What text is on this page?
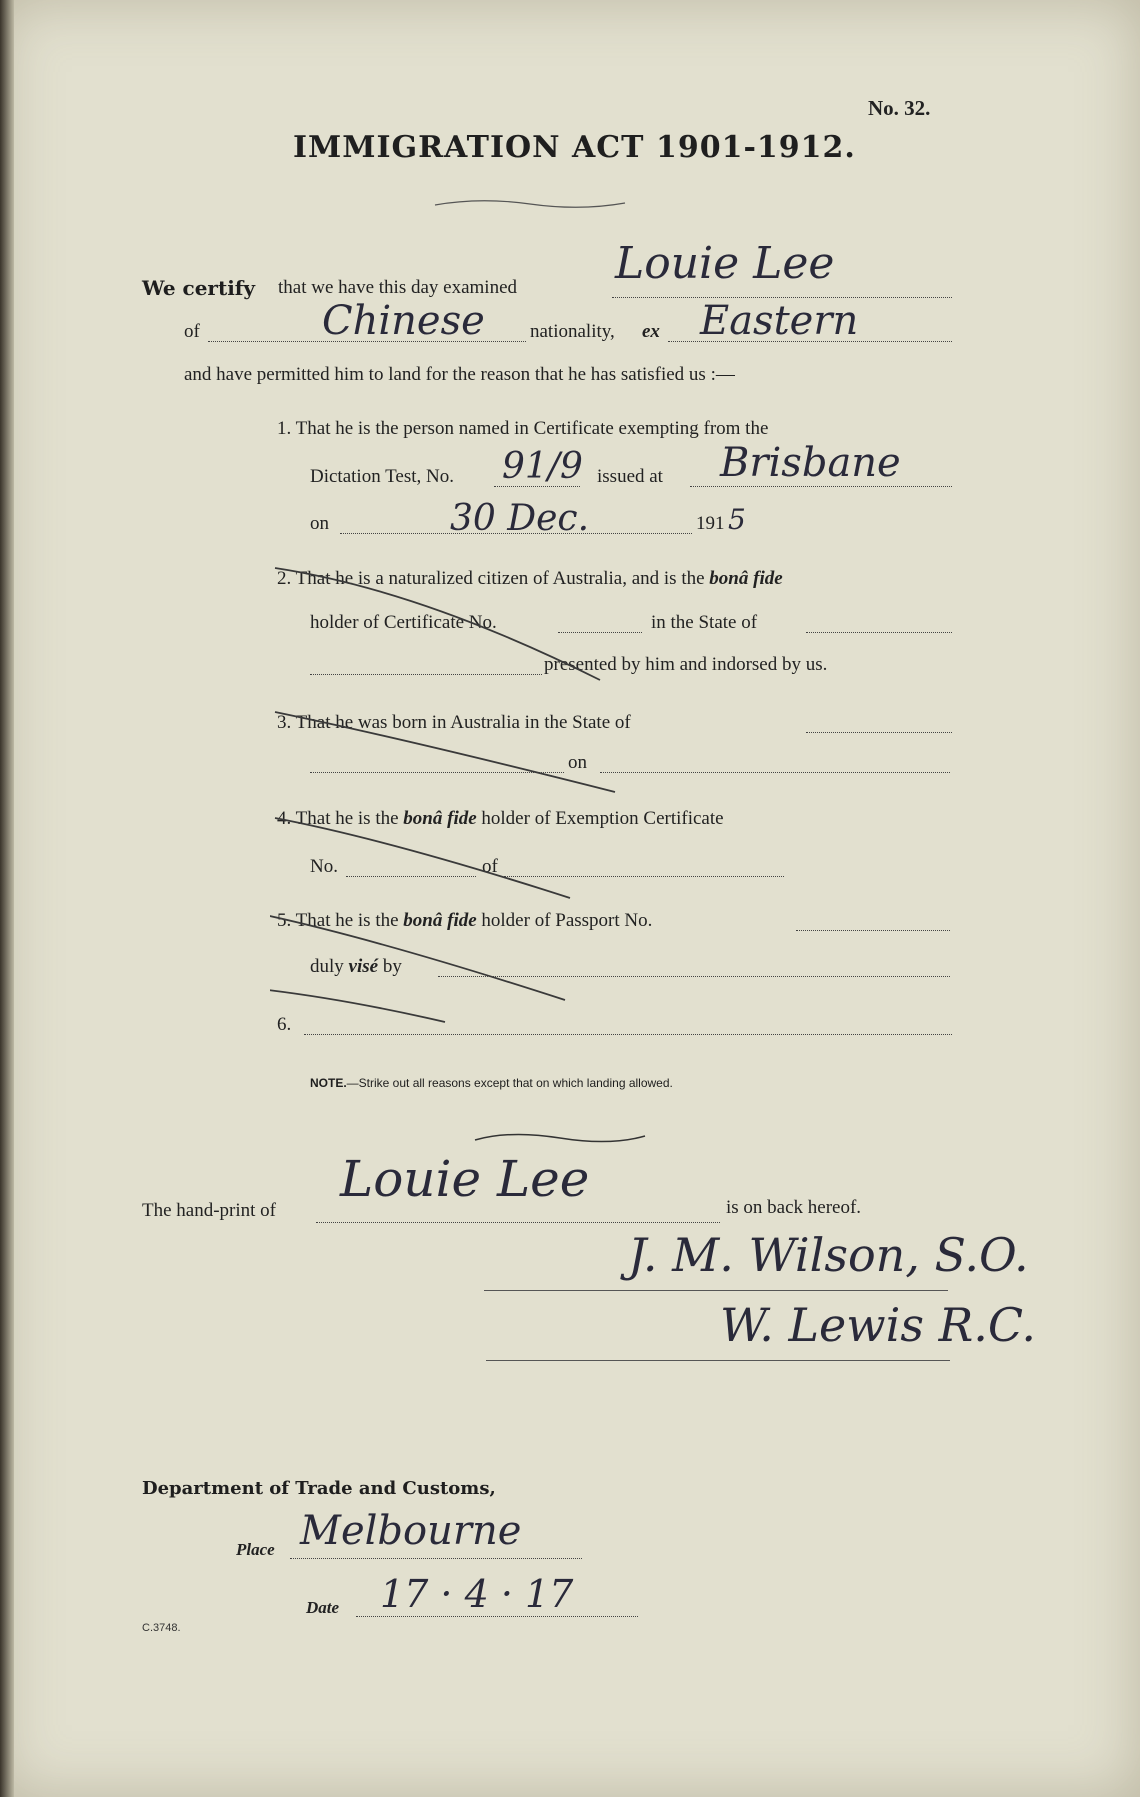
No. 32.
IMMIGRATION ACT 1901-1912.
We certify that we have this day examined Louie Lee
of	Chinese nationality, ex Eastern
and have permitted him to land for the reason that he has satisfied us :—
1. That he is the person named in Certificate exempting from the
Dictation Test, No. 91/9 issued at Brisbane
on	30 Dec.	191 5
2. That he is a naturalized citizen of Australia, and is the bonâ fide
holder of Certificate No.	in the State of
presented by him and indorsed by us.
3. That he was born in Australia in the State of
on
4. That he is the bonâ fide holder of Exemption Certificate
No.	of
5. That he is the bonâ fide holder of Passport No.
duly visé by
6.
NOTE.—Strike out all reasons except that on which landing allowed.
The hand-print of
Louie Lee	is on back hereof.
J. M. Wilson, S.O.
W. Lewis R.C.
Department of Trade and Customs,
Place Melbourne
Date 17 · 4 · 17
C.3748.
